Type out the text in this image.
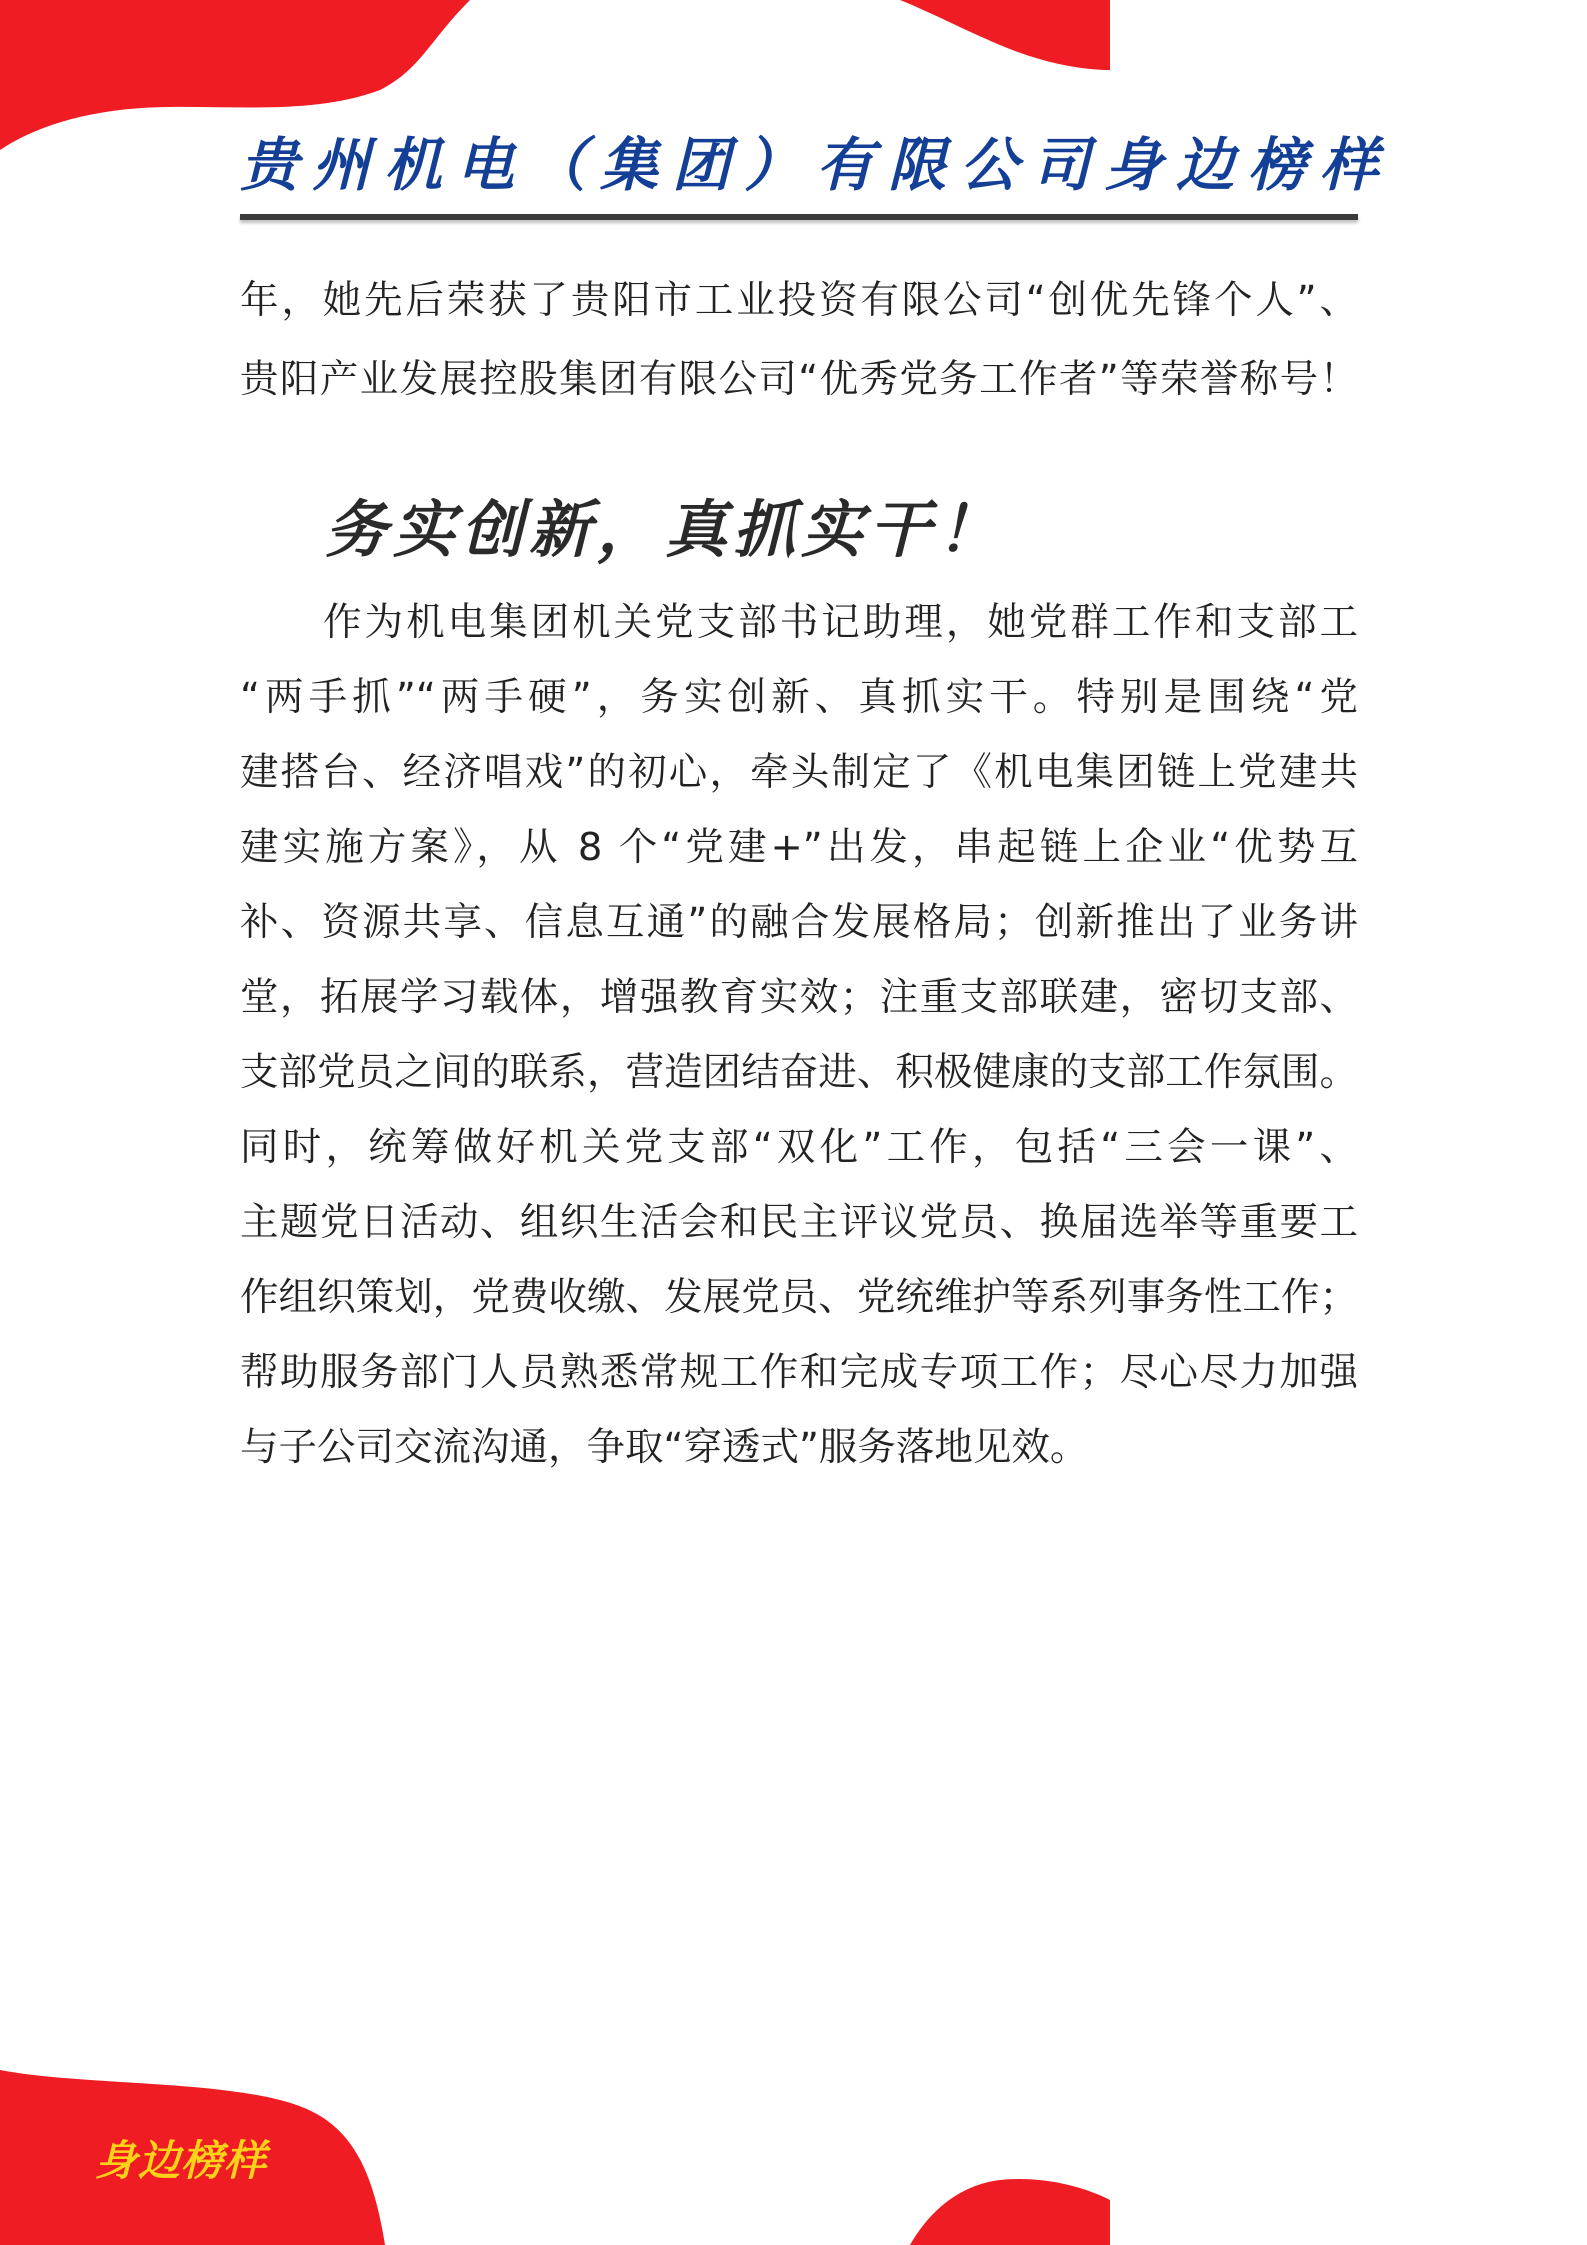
贵州机电（集团）有限公司身边榜样
年，她先后荣获了贵阳市工业投资有限公司“创优先锋个人”、
贵阳产业发展控股集团有限公司“优秀党务工作者”等荣誉称号！
务实创新，真抓实干！
　　作为机电集团机关党支部书记助理，她党群工作和支部工
“两手抓”“两手硬”，务实创新、真抓实干。特别是围绕“党
建搭台、经济唱戏”的初心，牵头制定了《机电集团链上党建共
建实施方案》，从 8 个“党建+”出发，串起链上企业“优势互
补、资源共享、信息互通”的融合发展格局；创新推出了业务讲
堂，拓展学习载体，增强教育实效；注重支部联建，密切支部、
支部党员之间的联系，营造团结奋进、积极健康的支部工作氛围。
同时，统筹做好机关党支部“双化”工作，包括“三会一课”、
主题党日活动、组织生活会和民主评议党员、换届选举等重要工
作组织策划，党费收缴、发展党员、党统维护等系列事务性工作；
帮助服务部门人员熟悉常规工作和完成专项工作；尽心尽力加强
与子公司交流沟通，争取“穿透式”服务落地见效。
身边榜样
